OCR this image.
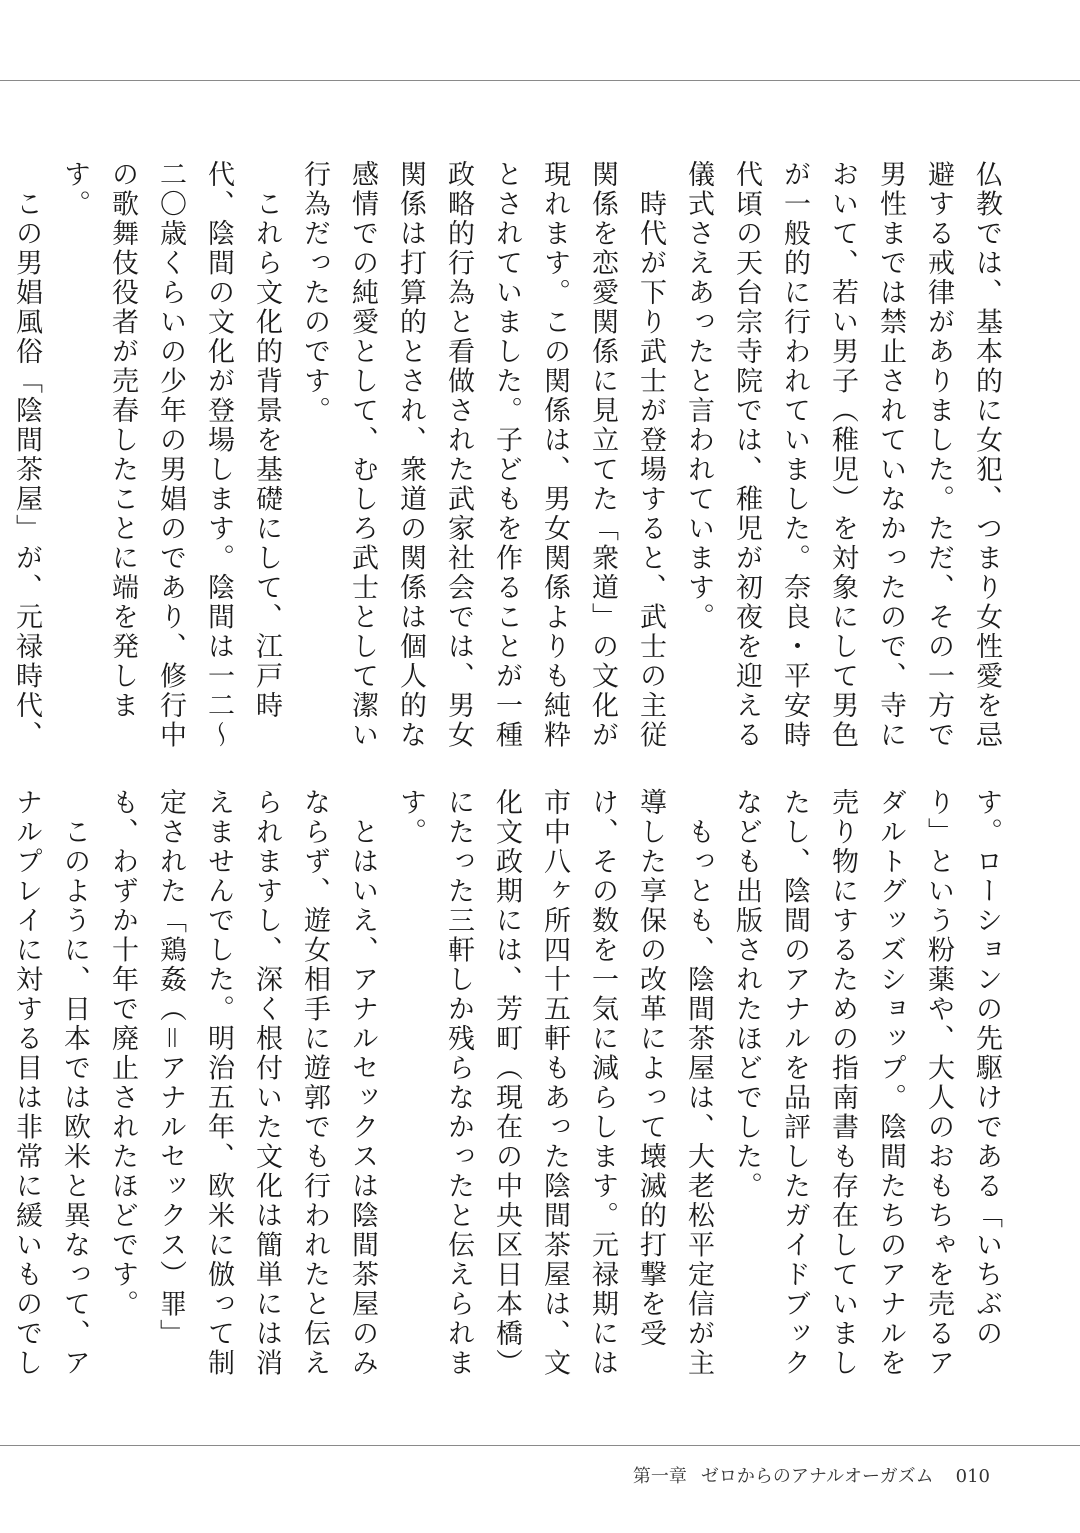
仏教では、基本的に女犯、つまり女性愛を忌避する戒律がありました。ただ、その一方で男性までは禁止されていなかったので、寺において、若い男子（稚児）を対象にして男色が一般的に行われていました。奈良・平安時代頃の天台宗寺院では、稚児が初夜を迎える儀式さえあったと言われています。

　時代が下り武士が登場すると、武士の主従関係を恋愛関係に見立てた「衆道」の文化が現れます。この関係は、男女関係よりも純粋とされていました。子どもを作ることが一種政略的行為と看做された武家社会では、男女関係は打算的とされ、衆道の関係は個人的な感情での純愛として、むしろ武士として潔い行為だったのです。

　これら文化的背景を基礎にして、江戸時代、陰間の文化が登場します。陰間は一二〜二〇歳くらいの少年の男娼のであり、修行中の歌舞伎役者が売春したことに端を発します。

　この男娼風俗「陰間茶屋」が、元禄時代、

す。ローションの先駆けである「いちぶのり」という粉薬や、大人のおもちゃを売るアダルトグッズショップ。陰間たちのアナルを売り物にするための指南書も存在していましたし、陰間のアナルを品評したガイドブックなども出版されたほどでした。

　もっとも、陰間茶屋は、大老松平定信が主導した享保の改革によって壊滅的打撃を受け、その数を一気に減らします。元禄期には市中八ヶ所四十五軒もあった陰間茶屋は、文化文政期には、芳町（現在の中央区日本橋）にたった三軒しか残らなかったと伝えられます。

　とはいえ、アナルセックスは陰間茶屋のみならず、遊女相手に遊郭でも行われたと伝えられますし、深く根付いた文化は簡単には消えませんでした。明治五年、欧米に倣って制定された「鶏姦（＝アナルセックス）罪」も、わずか十年で廃止されたほどです。

　このように、日本では欧米と異なって、アナルプレイに対する目は非常に緩いものでし

第一章 ゼロからのアナルオーガズム 010
